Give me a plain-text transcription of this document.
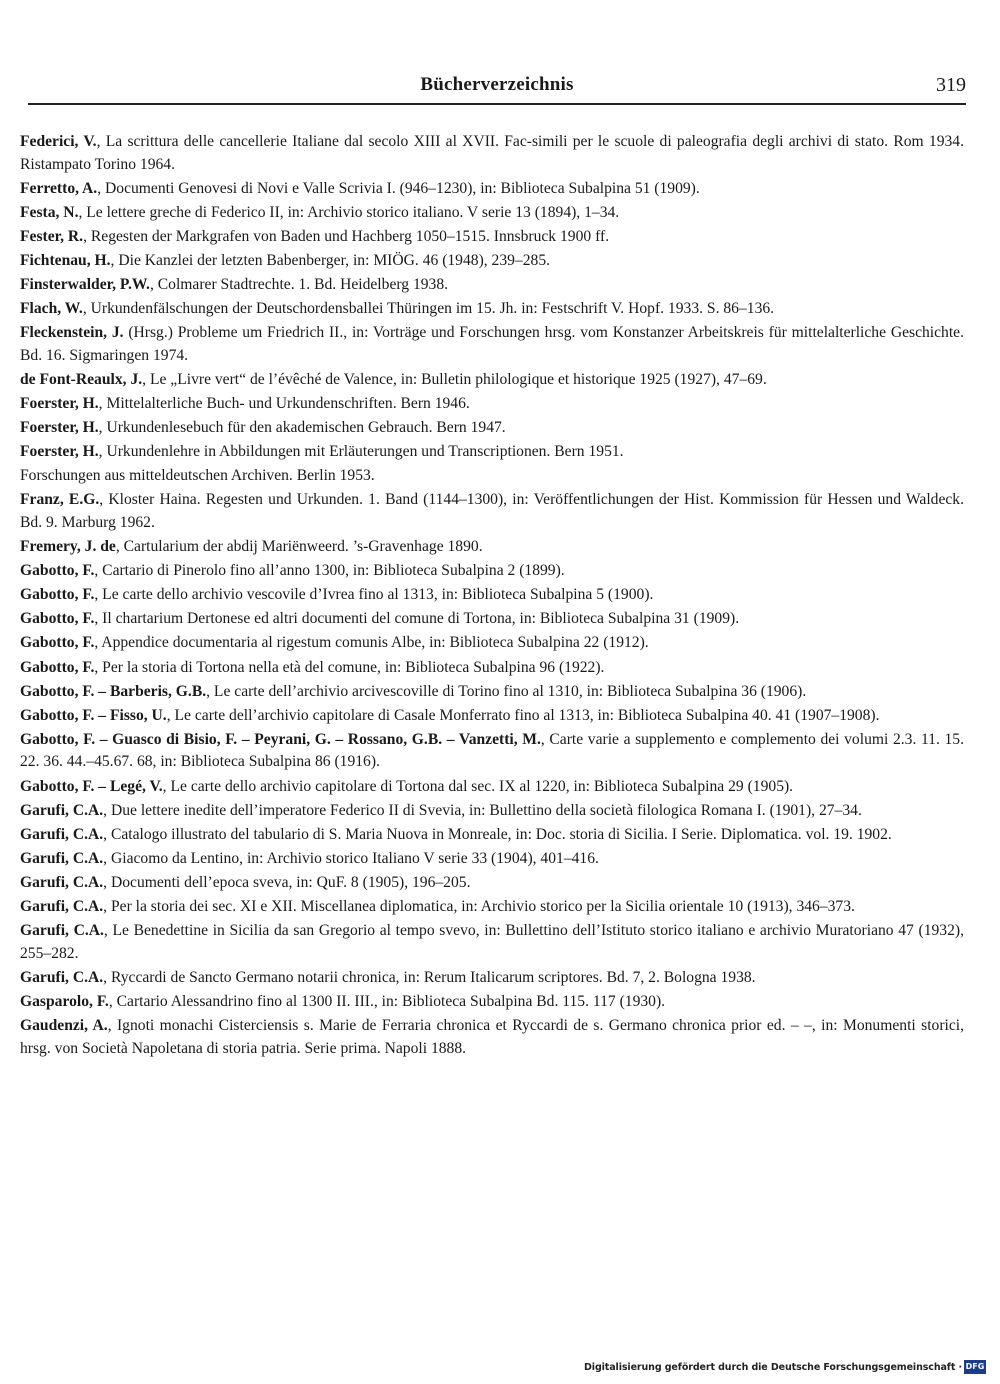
Bücherverzeichnis	319
Federici, V., La scrittura delle cancellerie Italiane dal secolo XIII al XVII. Fac-simili per le scuole di paleografia degli archivi di stato. Rom 1934. Ristampato Torino 1964.
Ferretto, A., Documenti Genovesi di Novi e Valle Scrivia I. (946–1230), in: Biblioteca Subalpina 51 (1909).
Festa, N., Le lettere greche di Federico II, in: Archivio storico italiano. V serie 13 (1894), 1–34.
Fester, R., Regesten der Markgrafen von Baden und Hachberg 1050–1515. Innsbruck 1900 ff.
Fichtenau, H., Die Kanzlei der letzten Babenberger, in: MIÖG. 46 (1948), 239–285.
Finsterwalder, P.W., Colmarer Stadtrechte. 1. Bd. Heidelberg 1938.
Flach, W., Urkundenfälschungen der Deutschordensballei Thüringen im 15. Jh. in: Festschrift V. Hopf. 1933. S. 86–136.
Fleckenstein, J. (Hrsg.) Probleme um Friedrich II., in: Vorträge und Forschungen hrsg. vom Konstanzer Arbeitskreis für mittelalterliche Geschichte. Bd. 16. Sigmaringen 1974.
de Font-Reaulx, J., Le „Livre vert“ de l’évêché de Valence, in: Bulletin philologique et historique 1925 (1927), 47–69.
Foerster, H., Mittelalterliche Buch- und Urkundenschriften. Bern 1946.
Foerster, H., Urkundenlesebuch für den akademischen Gebrauch. Bern 1947.
Foerster, H., Urkundenlehre in Abbildungen mit Erläuterungen und Transcriptionen. Bern 1951.
Forschungen aus mitteldeutschen Archiven. Berlin 1953.
Franz, E.G., Kloster Haina. Regesten und Urkunden. 1. Band (1144–1300), in: Veröffentlichungen der Hist. Kommission für Hessen und Waldeck. Bd. 9. Marburg 1962.
Fremery, J. de, Cartularium der abdij Mariënweerd. ’s-Gravenhage 1890.
Gabotto, F., Cartario di Pinerolo fino all’anno 1300, in: Biblioteca Subalpina 2 (1899).
Gabotto, F., Le carte dello archivio vescovile d’Ivrea fino al 1313, in: Biblioteca Subalpina 5 (1900).
Gabotto, F., Il chartarium Dertonese ed altri documenti del comune di Tortona, in: Biblioteca Subalpina 31 (1909).
Gabotto, F., Appendice documentaria al rigestum comunis Albe, in: Biblioteca Subalpina 22 (1912).
Gabotto, F., Per la storia di Tortona nella età del comune, in: Biblioteca Subalpina 96 (1922).
Gabotto, F. – Barberis, G.B., Le carte dell’archivio arcivescoville di Torino fino al 1310, in: Biblioteca Subalpina 36 (1906).
Gabotto, F. – Fisso, U., Le carte dell’archivio capitolare di Casale Monferrato fino al 1313, in: Biblioteca Subalpina 40. 41 (1907–1908).
Gabotto, F. – Guasco di Bisio, F. – Peyrani, G. – Rossano, G.B. – Vanzetti, M., Carte varie a supplemento e complemento dei volumi 2.3. 11. 15. 22. 36. 44.–45.67. 68, in: Biblioteca Subalpina 86 (1916).
Gabotto, F. – Legé, V., Le carte dello archivio capitolare di Tortona dal sec. IX al 1220, in: Biblioteca Subalpina 29 (1905).
Garufi, C.A., Due lettere inedite dell’imperatore Federico II di Svevia, in: Bullettino della società filologica Romana I. (1901), 27–34.
Garufi, C.A., Catalogo illustrato del tabulario di S. Maria Nuova in Monreale, in: Doc. storia di Sicilia. I Serie. Diplomatica. vol. 19. 1902.
Garufi, C.A., Giacomo da Lentino, in: Archivio storico Italiano V serie 33 (1904), 401–416.
Garufi, C.A., Documenti dell’epoca sveva, in: QuF. 8 (1905), 196–205.
Garufi, C.A., Per la storia dei sec. XI e XII. Miscellanea diplomatica, in: Archivio storico per la Sicilia orientale 10 (1913), 346–373.
Garufi, C.A., Le Benedettine in Sicilia da san Gregorio al tempo svevo, in: Bullettino dell’Istituto storico italiano e archivio Muratoriano 47 (1932), 255–282.
Garufi, C.A., Ryccardi de Sancto Germano notarii chronica, in: Rerum Italicarum scriptores. Bd. 7, 2. Bologna 1938.
Gasparolo, F., Cartario Alessandrino fino al 1300 II. III., in: Biblioteca Subalpina Bd. 115. 117 (1930).
Gaudenzi, A., Ignoti monachi Cisterciensis s. Marie de Ferraria chronica et Ryccardi de s. Germano chronica prior ed. – –, in: Monumenti storici, hrsg. von Società Napoletana di storia patria. Serie prima. Napoli 1888.
Digitalisierung gefördert durch die Deutsche Forschungsgemeinschaft · DFG
